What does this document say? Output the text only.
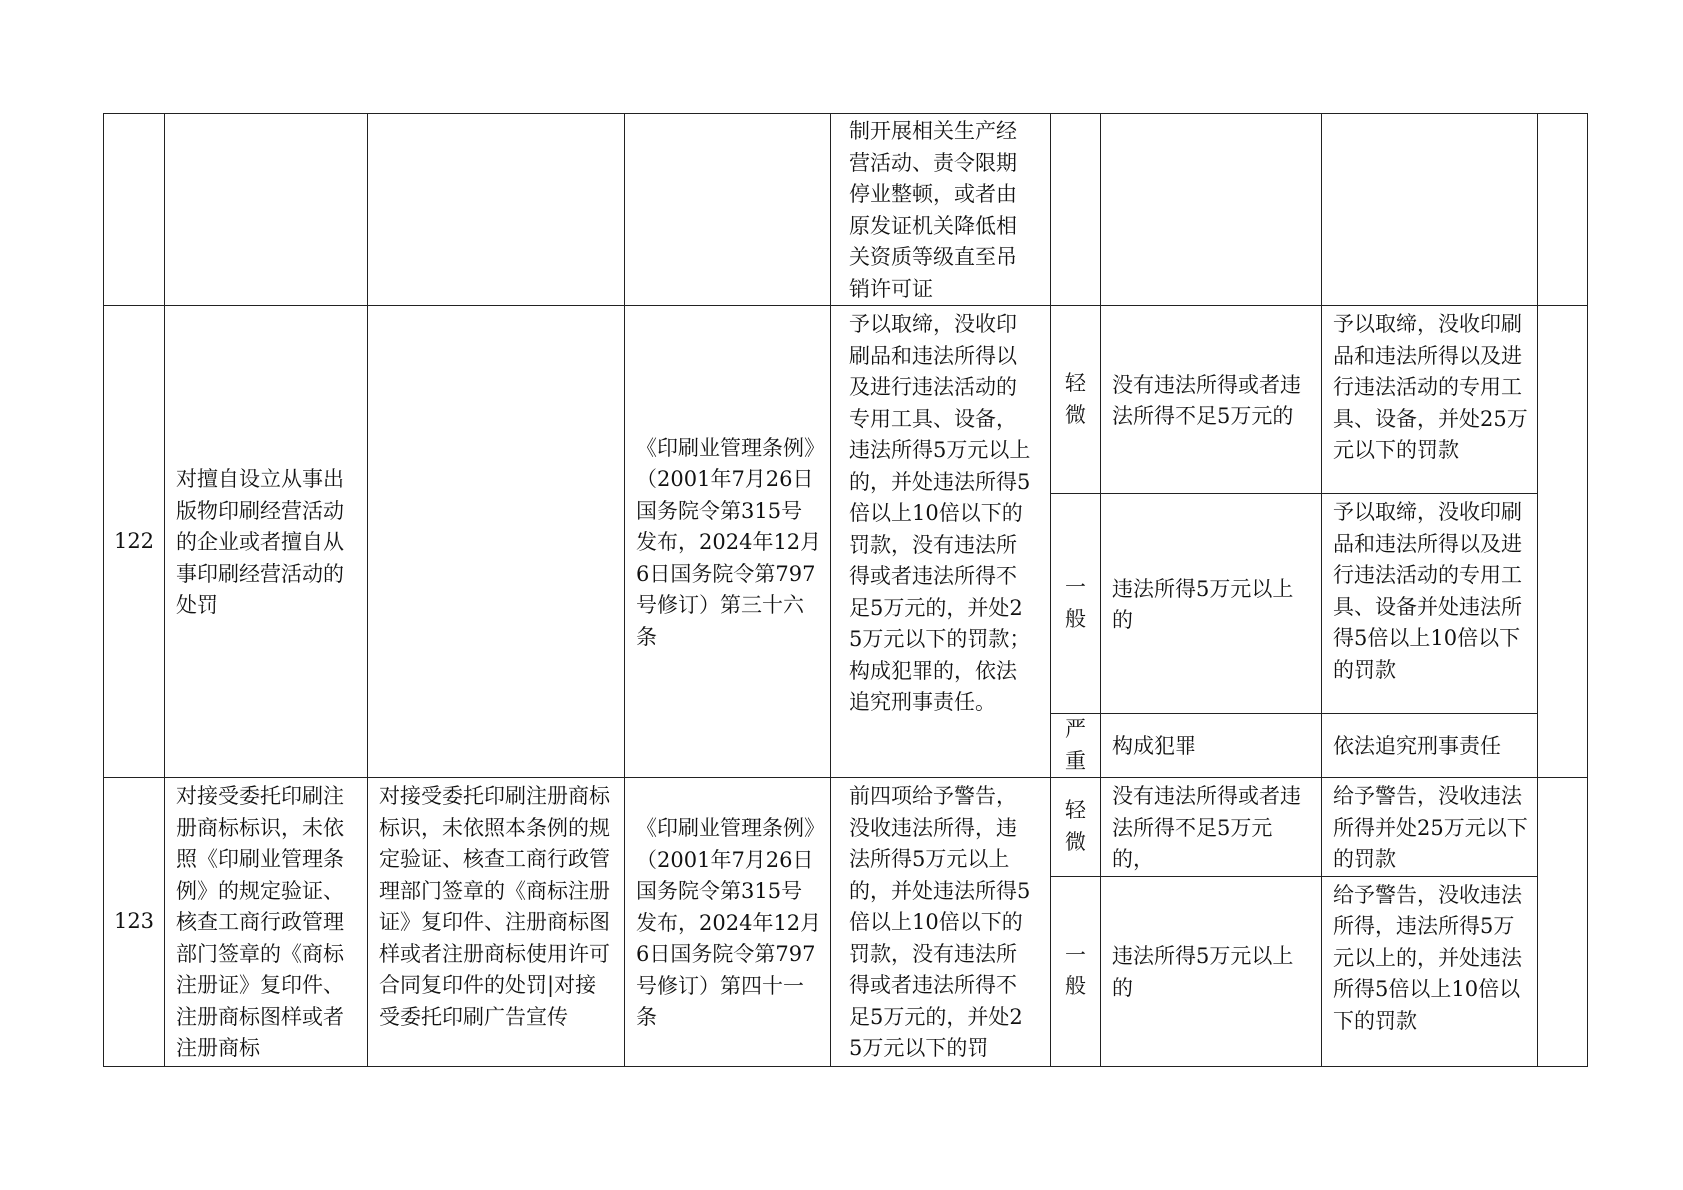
				制开展相关生产经营活动、责令限期停业整顿，或者由原发证机关降低相关资质等级直至吊销许可证				
122	对擅自设立从事出版物印刷经营活动的企业或者擅自从事印刷经营活动的处罚		《印刷业管理条例》（2001年7月26日国务院令第315号发布，2024年12月6日国务院令第797号修订）第三十六条	予以取缔，没收印刷品和违法所得以及进行违法活动的专用工具、设备，违法所得5万元以上的，并处违法所得5倍以上10倍以下的罚款，没有违法所得或者违法所得不足5万元的，并处25万元以下的罚款；构成犯罪的，依法追究刑事责任。	轻微	没有违法所得或者违法所得不足5万元的	予以取缔，没收印刷品和违法所得以及进行违法活动的专用工具、设备，并处25万元以下的罚款	
					一般	违法所得5万元以上的	予以取缔，没收印刷品和违法所得以及进行违法活动的专用工具、设备并处违法所得5倍以上10倍以下的罚款	
					严重	构成犯罪	依法追究刑事责任	
123	对接受委托印刷注册商标标识，未依照《印刷业管理条例》的规定验证、核查工商行政管理部门签章的《商标注册证》复印件、注册商标图样或者注册商标	对接受委托印刷注册商标标识，未依照本条例的规定验证、核查工商行政管理部门签章的《商标注册证》复印件、注册商标图样或者注册商标使用许可合同复印件的处罚|对接受委托印刷广告宣传	《印刷业管理条例》（2001年7月26日国务院令第315号发布，2024年12月6日国务院令第797号修订）第四十一条	前四项给予警告，没收违法所得，违法所得5万元以上的，并处违法所得5倍以上10倍以下的罚款，没有违法所得或者违法所得不足5万元的，并处25万元以下的罚	轻微	没有违法所得或者违法所得不足5万元的，	给予警告，没收违法所得并处25万元以下的罚款	
					一般	违法所得5万元以上的	给予警告，没收违法所得，违法所得5万元以上的，并处违法所得5倍以上10倍以下的罚款	
